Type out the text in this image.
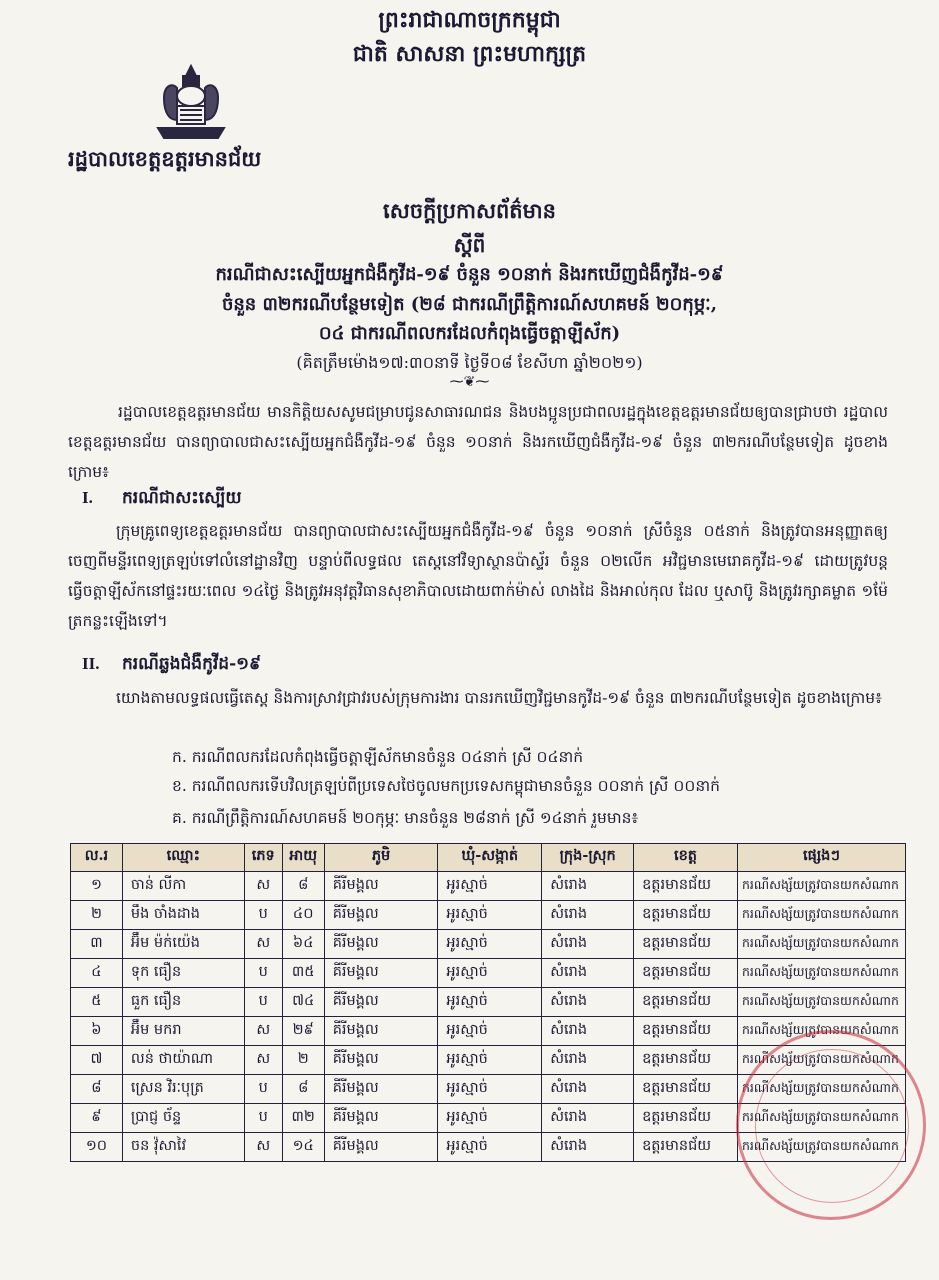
ព្រះរាជាណាចក្រកម្ពុជា
ជាតិ សាសនា ព្រះមហាក្សត្រ
រដ្ឋបាលខេត្តឧត្តរមានជ័យ
សេចក្តីប្រកាសព័ត៌មាន
ស្តីពី
ករណីជាសះស្បើយអ្នកជំងឺកូវីដ-១៩ ចំនួន ១០នាក់ និងរកឃើញជំងឺកូវីដ-១៩
ចំនួន ៣២ករណីបន្ថែមទៀត (២៨ ជាករណីព្រឹត្តិការណ៍សហគមន៍ ២០កុម្ភៈ,
០៤ ជាករណីពលករដែលកំពុងធ្វើចត្តាឡីស័ក)
(គិតត្រឹមម៉ោង១៧:៣០នាទី ថ្ងៃទី០៨ ខែសីហា ឆ្នាំ២០២១)
⁓❦⁓
រដ្ឋបាលខេត្តឧត្តរមានជ័យ មានកិត្តិយសសូមជម្រាបជូនសាធារណជន និងបងប្អូនប្រជាពលរដ្ឋក្នុងខេត្តឧត្តរមានជ័យឲ្យបានជ្រាបថា រដ្ឋបាលខេត្តឧត្តរមានជ័យ បានព្យាបាលជាសះស្បើយអ្នកជំងឺកូវីដ-១៩ ចំនួន ១០នាក់ និងរកឃើញជំងឺកូវីដ-១៩ ចំនួន ៣២ករណីបន្ថែមទៀត ដូចខាងក្រោម៖
I. ករណីជាសះស្បើយ
ក្រុមគ្រូពេទ្យខេត្តឧត្តរមានជ័យ បានព្យាបាលជាសះស្បើយអ្នកជំងឺកូវីដ-១៩ ចំនួន ១០នាក់ ស្រីចំនួន ០៥នាក់ និងត្រូវបានអនុញ្ញាតឲ្យចេញពីមន្ទីរពេទ្យត្រឡប់ទៅលំនៅដ្ឋានវិញ បន្ទាប់ពីលទ្ធផល តេស្តនៅវិទ្យាស្ថានប៉ាស្ទ័រ ចំនួន ០២លើក អវិជ្ជមានមេរោគកូវីដ-១៩ ដោយត្រូវបន្តធ្វើចត្តាឡីស័កនៅផ្ទះរយៈពេល ១៤ថ្ងៃ និងត្រូវអនុវត្តវិធានសុខាភិបាលដោយពាក់ម៉ាស់ លាងដៃ និងអាល់កុល ដែល ឬសាប៊ូ និងត្រូវរក្សាគម្លាត ១ម៉ែត្រកន្លះឡើងទៅ។
II. ករណីឆ្លងជំងឺកូវីដ-១៩
យោងតាមលទ្ធផលធ្វើតេស្ត និងការស្រាវជ្រាវរបស់ក្រុមការងារ បានរកឃើញវិជ្ជមានកូវីដ-១៩ ចំនួន ៣២ករណីបន្ថែមទៀត ដូចខាងក្រោម៖
ក. ករណីពលករដែលកំពុងធ្វើចត្តាឡីស័កមានចំនួន ០៤នាក់ ស្រី ០៤នាក់
ខ. ករណីពលករទើបវិលត្រឡប់ពីប្រទេសថៃចូលមកប្រទេសកម្ពុជាមានចំនួន ០០នាក់ ស្រី ០០នាក់
គ. ករណីព្រឹត្តិការណ៍សហគមន៍ ២០កុម្ភៈ មានចំនួន ២៨នាក់ ស្រី ១៤នាក់ រួមមាន៖
ល.រ	ឈ្មោះ	ភេទ	អាយុ	ភូមិ	ឃុំ-សង្កាត់	ក្រុង-ស្រុក	ខេត្ត	ផ្សេងៗ
១	ចាន់ លីកា	ស	៨	គីរីមង្គល	អូរស្មាច់	សំរោង	ឧត្តរមានជ័យ	ករណីសង្ស័យត្រូវបានយកសំណាក
២	មឹង ចាំងដាង	ប	៤០	គីរីមង្គល	អូរស្មាច់	សំរោង	ឧត្តរមានជ័យ	ករណីសង្ស័យត្រូវបានយកសំណាក
៣	អ៊ឹម ម៉ក់យ៉េង	ស	៦៤	គីរីមង្គល	អូរស្មាច់	សំរោង	ឧត្តរមានជ័យ	ករណីសង្ស័យត្រូវបានយកសំណាក
៤	ទុក ធឿន	ប	៣៥	គីរីមង្គល	អូរស្មាច់	សំរោង	ឧត្តរមានជ័យ	ករណីសង្ស័យត្រូវបានយកសំណាក
៥	ធួក ធឿន	ប	៧៤	គីរីមង្គល	អូរស្មាច់	សំរោង	ឧត្តរមានជ័យ	ករណីសង្ស័យត្រូវបានយកសំណាក
៦	អ៊ឹម មករា	ស	២៩	គីរីមង្គល	អូរស្មាច់	សំរោង	ឧត្តរមានជ័យ	ករណីសង្ស័យត្រូវបានយកសំណាក
៧	លន់ ថាយ៉ាណា	ស	២	គីរីមង្គល	អូរស្មាច់	សំរោង	ឧត្តរមានជ័យ	ករណីសង្ស័យត្រូវបានយកសំណាក
៨	ស្រេន វិរៈបុត្រ	ប	៨	គីរីមង្គល	អូរស្មាច់	សំរោង	ឧត្តរមានជ័យ	ករណីសង្ស័យត្រូវបានយកសំណាក
៩	ប្រាជ្ញ ច័ន្ទ	ប	៣២	គីរីមង្គល	អូរស្មាច់	សំរោង	ឧត្តរមានជ័យ	ករណីសង្ស័យត្រូវបានយកសំណាក
១០	ចន វ៉ុសាវៃ	ស	១៤	គីរីមង្គល	អូរស្មាច់	សំរោង	ឧត្តរមានជ័យ	ករណីសង្ស័យត្រូវបានយកសំណាក
